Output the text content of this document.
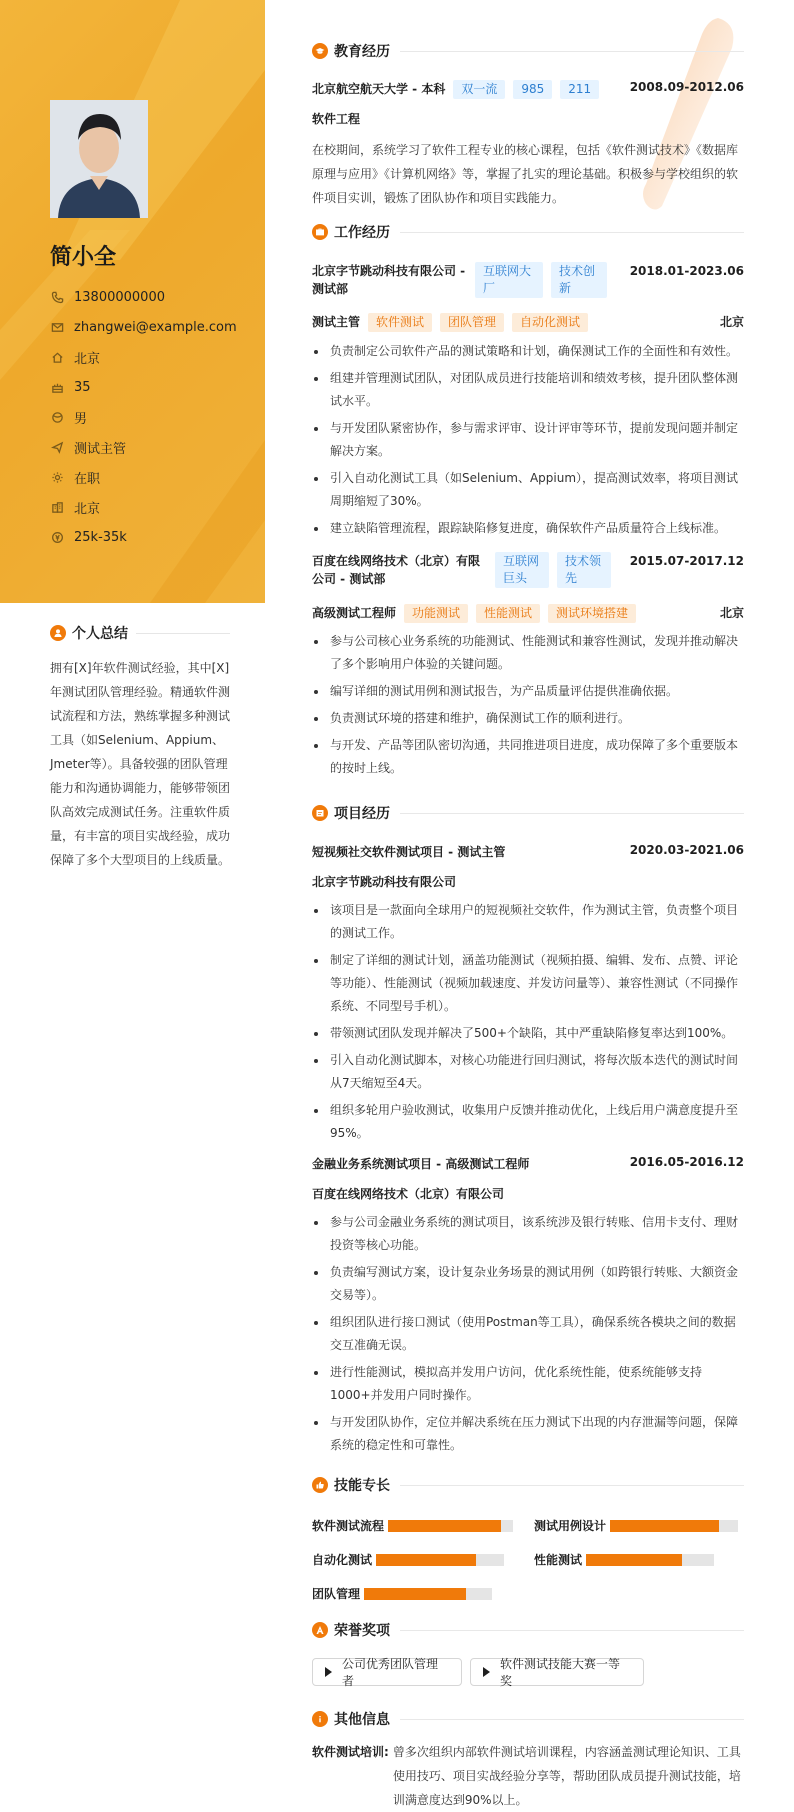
简小全
13800000000
zhangwei@example.com
北京
35
男
测试主管
在职
北京
25k-35k
个人总结

拥有[X]年软件测试经验，其中[X]年测试团队管理经验。精通软件测试流程和方法，熟练掌握多种测试工具（如Selenium、Appium、Jmeter等）。具备较强的团队管理能力和沟通协调能力，能够带领团队高效完成测试任务。注重软件质量，有丰富的项目实战经验，成功保障了多个大型项目的上线质量。

教育经历
北京航空航天大学 - 本科 双一流 985 211	2008.09-2012.06
软件工程

在校期间，系统学习了软件工程专业的核心课程，包括《软件测试技术》《数据库原理与应用》《计算机网络》等，掌握了扎实的理论基础。积极参与学校组织的软件项目实训，锻炼了团队协作和项目实践能力。

工作经历
北京字节跳动科技有限公司 - 测试部
互联网大厂
技术创新
2018.01-2023.06
测试主管 软件测试 团队管理 自动化测试	北京
负责制定公司软件产品的测试策略和计划，确保测试工作的全面性和有效性。
组建并管理测试团队，对团队成员进行技能培训和绩效考核，提升团队整体测试水平。
与开发团队紧密协作，参与需求评审、设计评审等环节，提前发现问题并制定解决方案。
引入自动化测试工具（如Selenium、Appium），提高测试效率，将项目测试周期缩短了30%。
建立缺陷管理流程，跟踪缺陷修复进度，确保软件产品质量符合上线标准。
百度在线网络技术（北京）有限公司 - 测试部
互联网巨头
技术领先
2015.07-2017.12
高级测试工程师 功能测试 性能测试 测试环境搭建	北京
参与公司核心业务系统的功能测试、性能测试和兼容性测试，发现并推动解决了多个影响用户体验的关键问题。
编写详细的测试用例和测试报告，为产品质量评估提供准确依据。
负责测试环境的搭建和维护，确保测试工作的顺利进行。
与开发、产品等团队密切沟通，共同推进项目进度，成功保障了多个重要版本的按时上线。
项目经历
短视频社交软件测试项目 - 测试主管	2020.03-2021.06
北京字节跳动科技有限公司
该项目是一款面向全球用户的短视频社交软件，作为测试主管，负责整个项目的测试工作。
制定了详细的测试计划，涵盖功能测试（视频拍摄、编辑、发布、点赞、评论等功能）、性能测试（视频加载速度、并发访问量等）、兼容性测试（不同操作系统、不同型号手机）。
带领测试团队发现并解决了500+个缺陷，其中严重缺陷修复率达到100%。
引入自动化测试脚本，对核心功能进行回归测试，将每次版本迭代的测试时间从7天缩短至4天。
组织多轮用户验收测试，收集用户反馈并推动优化，上线后用户满意度提升至95%。
金融业务系统测试项目 - 高级测试工程师	2016.05-2016.12
百度在线网络技术（北京）有限公司
参与公司金融业务系统的测试项目，该系统涉及银行转账、信用卡支付、理财投资等核心功能。
负责编写测试方案，设计复杂业务场景的测试用例（如跨银行转账、大额资金交易等）。
组织团队进行接口测试（使用Postman等工具），确保系统各模块之间的数据交互准确无误。
进行性能测试，模拟高并发用户访问，优化系统性能，使系统能够支持1000+并发用户同时操作。
与开发团队协作，定位并解决系统在压力测试下出现的内存泄漏等问题，保障系统的稳定性和可靠性。
技能专长
软件测试流程	测试用例设计
自动化测试	性能测试
团队管理
荣誉奖项
公司优秀团队管理者
软件测试技能大赛一等奖
其他信息
软件测试培训: 曾多次组织内部软件测试培训课程，内容涵盖测试理论知识、工具使用技巧、项目实战经验分享等，帮助团队成员提升测试技能，培训满意度达到90%以上。
